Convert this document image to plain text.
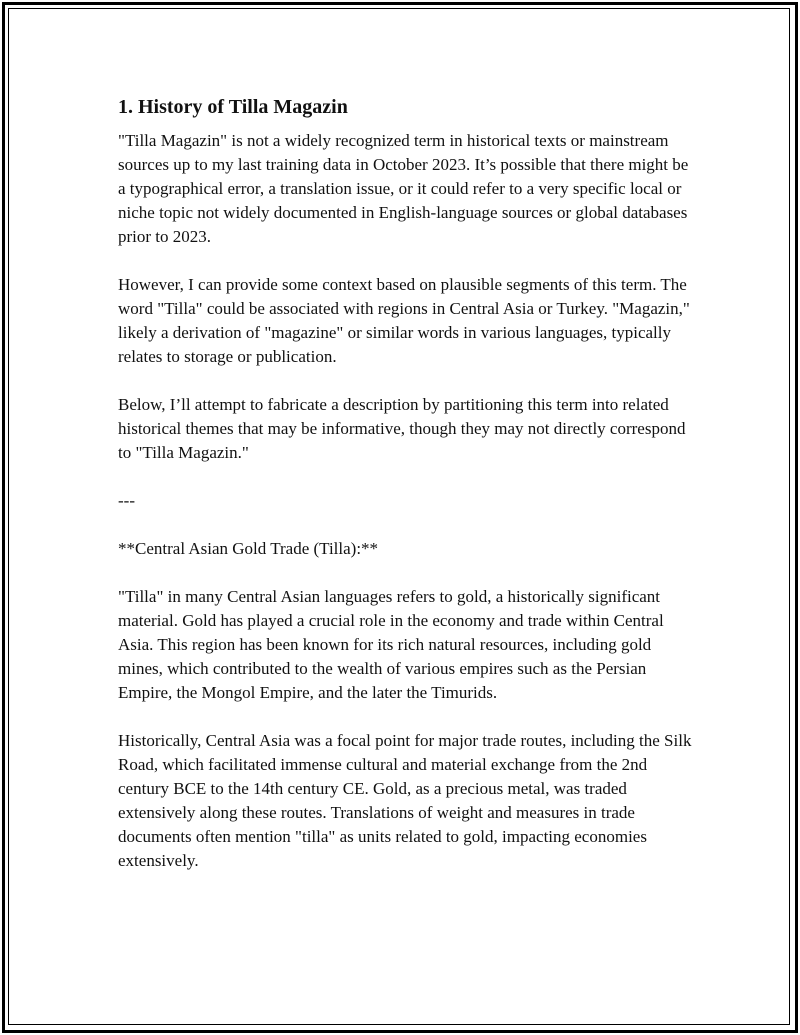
1. History of Tilla Magazin

"Tilla Magazin" is not a widely recognized term in historical texts or mainstream sources up to my last training data in October 2023. It’s possible that there might be a typographical error, a translation issue, or it could refer to a very specific local or niche topic not widely documented in English-language sources or global databases prior to 2023.

However, I can provide some context based on plausible segments of this term. The word "Tilla" could be associated with regions in Central Asia or Turkey. "Magazin," likely a derivation of "magazine" or similar words in various languages, typically relates to storage or publication.

Below, I’ll attempt to fabricate a description by partitioning this term into related historical themes that may be informative, though they may not directly correspond to "Tilla Magazin."

---

**Central Asian Gold Trade (Tilla):**

"Tilla" in many Central Asian languages refers to gold, a historically significant material. Gold has played a crucial role in the economy and trade within Central Asia. This region has been known for its rich natural resources, including gold mines, which contributed to the wealth of various empires such as the Persian Empire, the Mongol Empire, and the later the Timurids.

Historically, Central Asia was a focal point for major trade routes, including the Silk Road, which facilitated immense cultural and material exchange from the 2nd century BCE to the 14th century CE. Gold, as a precious metal, was traded extensively along these routes. Translations of weight and measures in trade documents often mention "tilla" as units related to gold, impacting economies extensively.
